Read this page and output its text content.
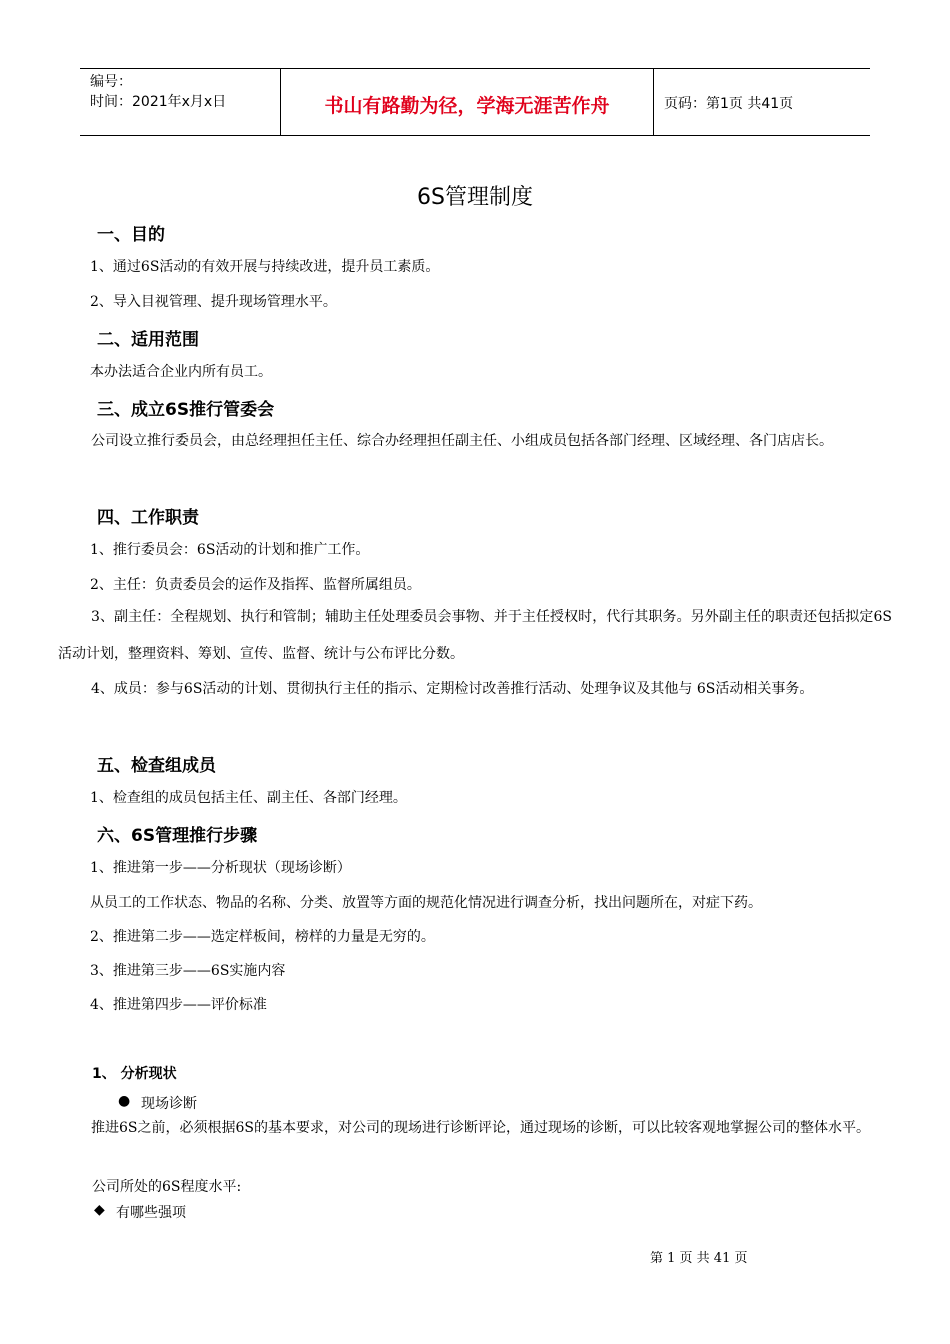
编号：
时间：2021年x月x日	书山有路勤为径，学海无涯苦作舟	页码：第1页 共41页
6S管理制度
一、目的
1、通过6S活动的有效开展与持续改进，提升员工素质。
2、导入目视管理、提升现场管理水平。
二、适用范围
本办法适合企业内所有员工。
三、成立6S推行管委会
公司设立推行委员会，由总经理担任主任、综合办经理担任副主任、小组成员包括各部门经理、区域经理、各门店店长。
四、工作职责
1、推行委员会：6S活动的计划和推广工作。
2、主任：负责委员会的运作及指挥、监督所属组员。
3、副主任：全程规划、执行和管制；辅助主任处理委员会事物、并于主任授权时，代行其职务。另外副主任的职责还包括拟定6S活动计划，整理资料、筹划、宣传、监督、统计与公布评比分数。
4、成员：参与6S活动的计划、贯彻执行主任的指示、定期检讨改善推行活动、处理争议及其他与 6S活动相关事务。
五、检查组成员
1、检查组的成员包括主任、副主任、各部门经理。
六、6S管理推行步骤
1、推进第一步——分析现状（现场诊断）
从员工的工作状态、物品的名称、分类、放置等方面的规范化情况进行调查分析，找出问题所在，对症下药。
2、推进第二步——选定样板间，榜样的力量是无穷的。
3、推进第三步——6S实施内容
4、推进第四步——评价标准
1、 分析现状
● 现场诊断
推进6S之前，必须根据6S的基本要求，对公司的现场进行诊断评论，通过现场的诊断，可以比较客观地掌握公司的整体水平。
公司所处的6S程度水平:
◆ 有哪些强项
第 1 页 共 41 页
